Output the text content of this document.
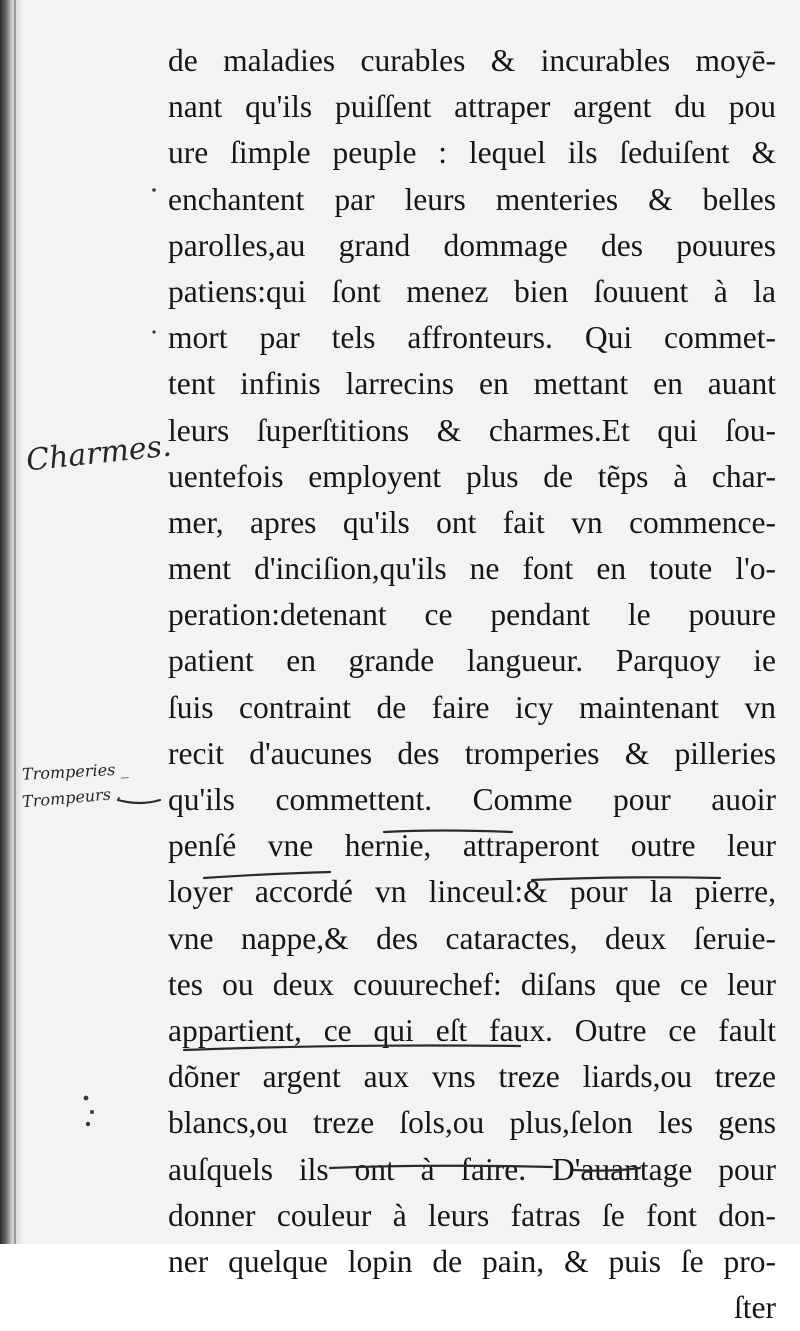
de maladies curables & incurables moyē-
nant qu'ils puiſſent attraper argent du pou
ure ſimple peuple : lequel ils ſeduiſent &
enchantent par leurs menteries & belles
parolles,au grand dommage des pouures
patiens:qui ſont menez bien ſouuent à la
mort par tels affronteurs. Qui commet-
tent infinis larrecins en mettant en auant
leurs ſuperſtitions & charmes.Et qui ſou-
uentefois employent plus de tẽps à char-
mer, apres qu'ils ont fait vn commence-
ment d'inciſion,qu'ils ne font en toute l'o-
peration:detenant ce pendant le pouure
patient en grande langueur. Parquoy ie
ſuis contraint de faire icy maintenant vn
recit d'aucunes des tromperies & pilleries
qu'ils commettent. Comme pour auoir
penſé vne hernie, attraperont outre leur
loyer accordé vn linceul:& pour la pierre,
vne nappe,& des cataractes, deux ſeruie-
tes ou deux couurechef: diſans que ce leur
appartient, ce qui eſt faux. Outre ce fault
dõner argent aux vns treze liards,ou treze
blancs,ou treze ſols,ou plus,ſelon les gens
auſquels ils ont à faire. D'auantage pour
donner couleur à leurs fatras ſe font don-
ner quelque lopin de pain, & puis ſe pro-
ſter
Charmes.
Tromperies _
Trompeurs .
